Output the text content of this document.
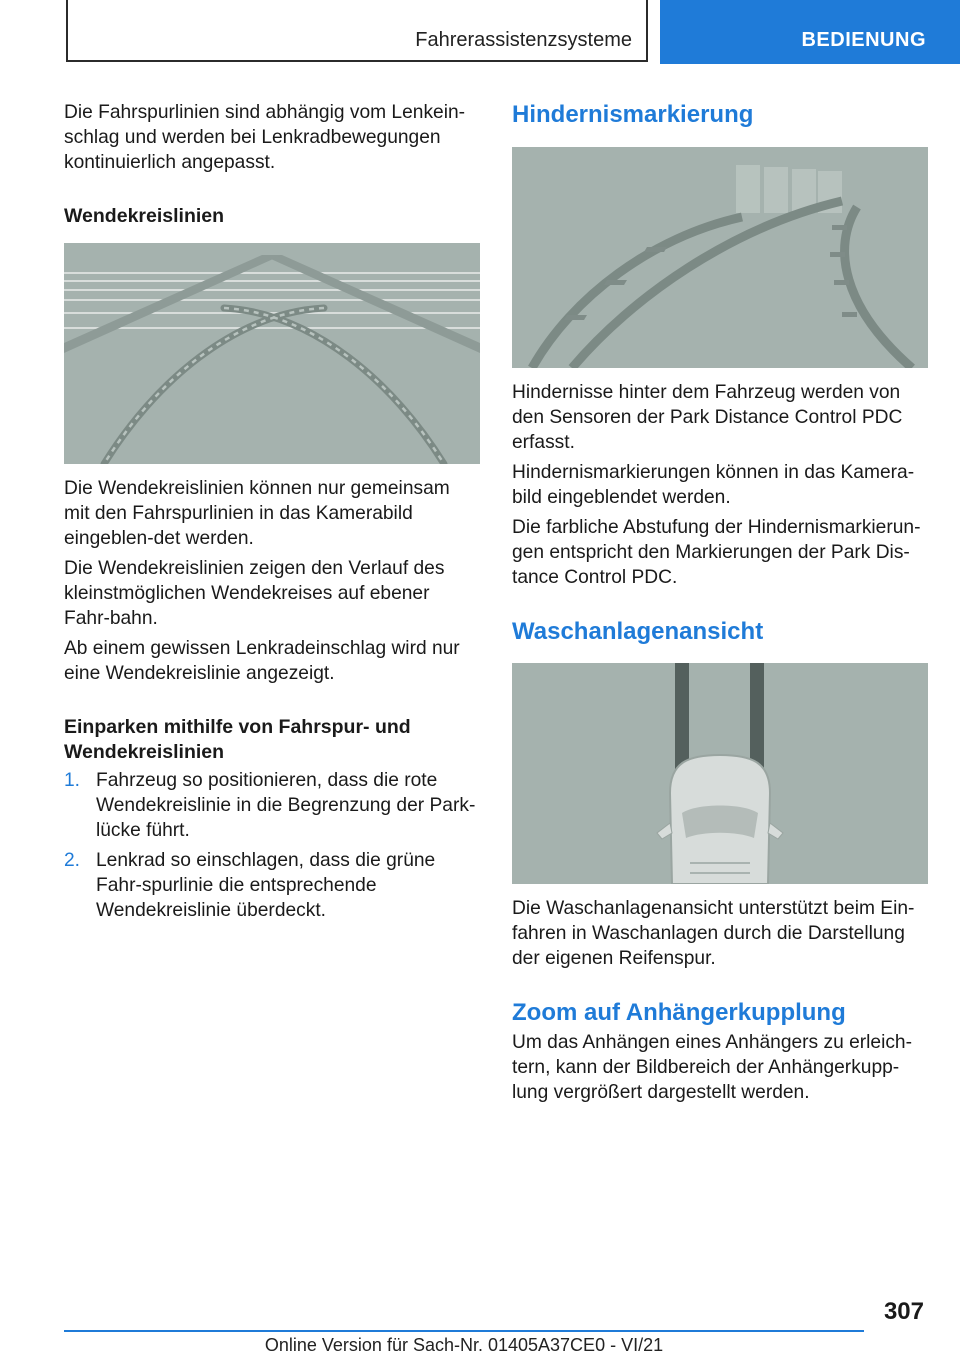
Fahrerassistenzsysteme	BEDIENUNG

Die Fahrspurlinien sind abhängig vom Lenkein-schlag und werden bei Lenkradbewegungen kontinuierlich angepasst.

Wendekreislinien

Die Wendekreislinien können nur gemeinsam mit den Fahrspurlinien in das Kamerabild eingeblen-det werden.

Die Wendekreislinien zeigen den Verlauf des kleinstmöglichen Wendekreises auf ebener Fahr-bahn.

Ab einem gewissen Lenkradeinschlag wird nur eine Wendekreislinie angezeigt.

Einparken mithilfe von Fahrspur- und Wendekreislinien
1. Fahrzeug so positionieren, dass die rote Wendekreislinie in die Begrenzung der Park-lücke führt.
2. Lenkrad so einschlagen, dass die grüne Fahr-spurlinie die entsprechende Wendekreislinie überdeckt.
Hindernismarkierung

Hindernisse hinter dem Fahrzeug werden von den Sensoren der Park Distance Control PDC erfasst.

Hindernismarkierungen können in das Kamera-bild eingeblendet werden.

Die farbliche Abstufung der Hindernismarkierun-gen entspricht den Markierungen der Park Dis-tance Control PDC.

Waschanlagenansicht

Die Waschanlagenansicht unterstützt beim Ein-fahren in Waschanlagen durch die Darstellung der eigenen Reifenspur.

Zoom auf Anhängerkupplung

Um das Anhängen eines Anhängers zu erleich-tern, kann der Bildbereich der Anhängerkupp-lung vergrößert dargestellt werden.

307
Online Version für Sach-Nr. 01405A37CE0 - VI/21
